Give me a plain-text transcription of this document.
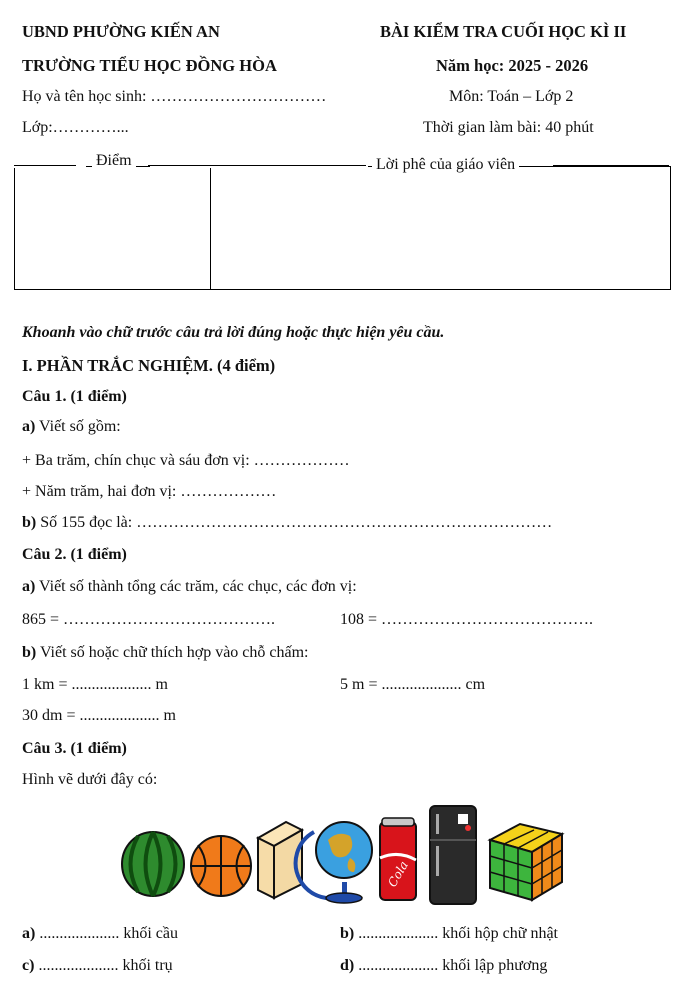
UBND PHƯỜNG KIẾN AN	BÀI KIỂM TRA CUỐI HỌC KÌ II
TRƯỜNG TIỂU HỌC ĐỒNG HÒA	Năm học: 2025 - 2026
Họ và tên học sinh: ……………………………	Môn: Toán – Lớp 2
Lớp:…………...	Thời gian làm bài: 40 phút
Điểm	Lời phê của giáo viên
Khoanh vào chữ trước câu trả lời đúng hoặc thực hiện yêu cầu.
I. PHẦN TRẮC NGHIỆM. (4 điểm)
Câu 1. (1 điểm)
a) Viết số gồm:
+ Ba trăm, chín chục và sáu đơn vị: ………………
+ Năm trăm, hai đơn vị: ………………
b) Số 155 đọc là: ……………………………………………………………………
Câu 2. (1 điểm)
a) Viết số thành tổng các trăm, các chục, các đơn vị:
865 = ………………………………….	108 = ………………………………….
b) Viết số hoặc chữ thích hợp vào chỗ chấm:
1 km = .................... m	5 m = .................... cm
30 dm = .................... m
Câu 3. (1 điểm)
Hình vẽ dưới đây có:
Cola
a) .................... khối cầu	b) .................... khối hộp chữ nhật
c) .................... khối trụ	d) .................... khối lập phương
